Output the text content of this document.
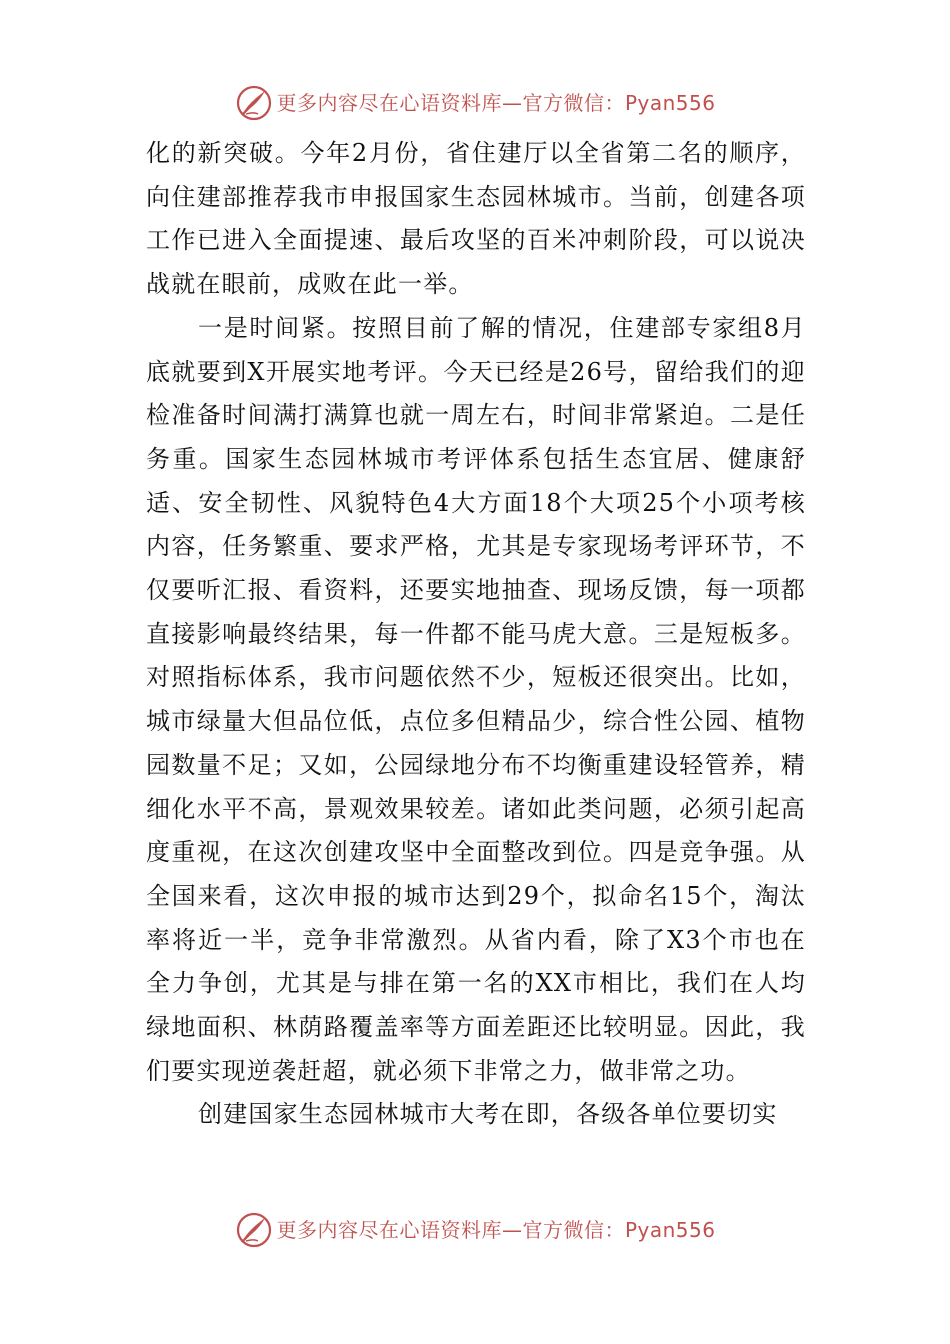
更多内容尽在心语资料库—官方微信：Pyan556

化的新突破。今年2月份，省住建厅以全省第二名的顺序，向住建部推荐我市申报国家生态园林城市。当前，创建各项工作已进入全面提速、最后攻坚的百米冲刺阶段，可以说决战就在眼前，成败在此一举。

一是时间紧。按照目前了解的情况，住建部专家组8月底就要到X开展实地考评。今天已经是26号，留给我们的迎检准备时间满打满算也就一周左右，时间非常紧迫。二是任务重。国家生态园林城市考评体系包括生态宜居、健康舒适、安全韧性、风貌特色4大方面18个大项25个小项考核内容，任务繁重、要求严格，尤其是专家现场考评环节，不仅要听汇报、看资料，还要实地抽查、现场反馈，每一项都直接影响最终结果，每一件都不能马虎大意。三是短板多。对照指标体系，我市问题依然不少，短板还很突出。比如，城市绿量大但品位低，点位多但精品少，综合性公园、植物园数量不足；又如，公园绿地分布不均衡重建设轻管养，精细化水平不高，景观效果较差。诸如此类问题，必须引起高度重视，在这次创建攻坚中全面整改到位。四是竞争强。从全国来看，这次申报的城市达到29个，拟命名15个，淘汰率将近一半，竞争非常激烈。从省内看，除了X3个市也在全力争创，尤其是与排在第一名的XX市相比，我们在人均绿地面积、林荫路覆盖率等方面差距还比较明显。因此，我们要实现逆袭赶超，就必须下非常之力，做非常之功。

创建国家生态园林城市大考在即，各级各单位要切实

更多内容尽在心语资料库—官方微信：Pyan556
